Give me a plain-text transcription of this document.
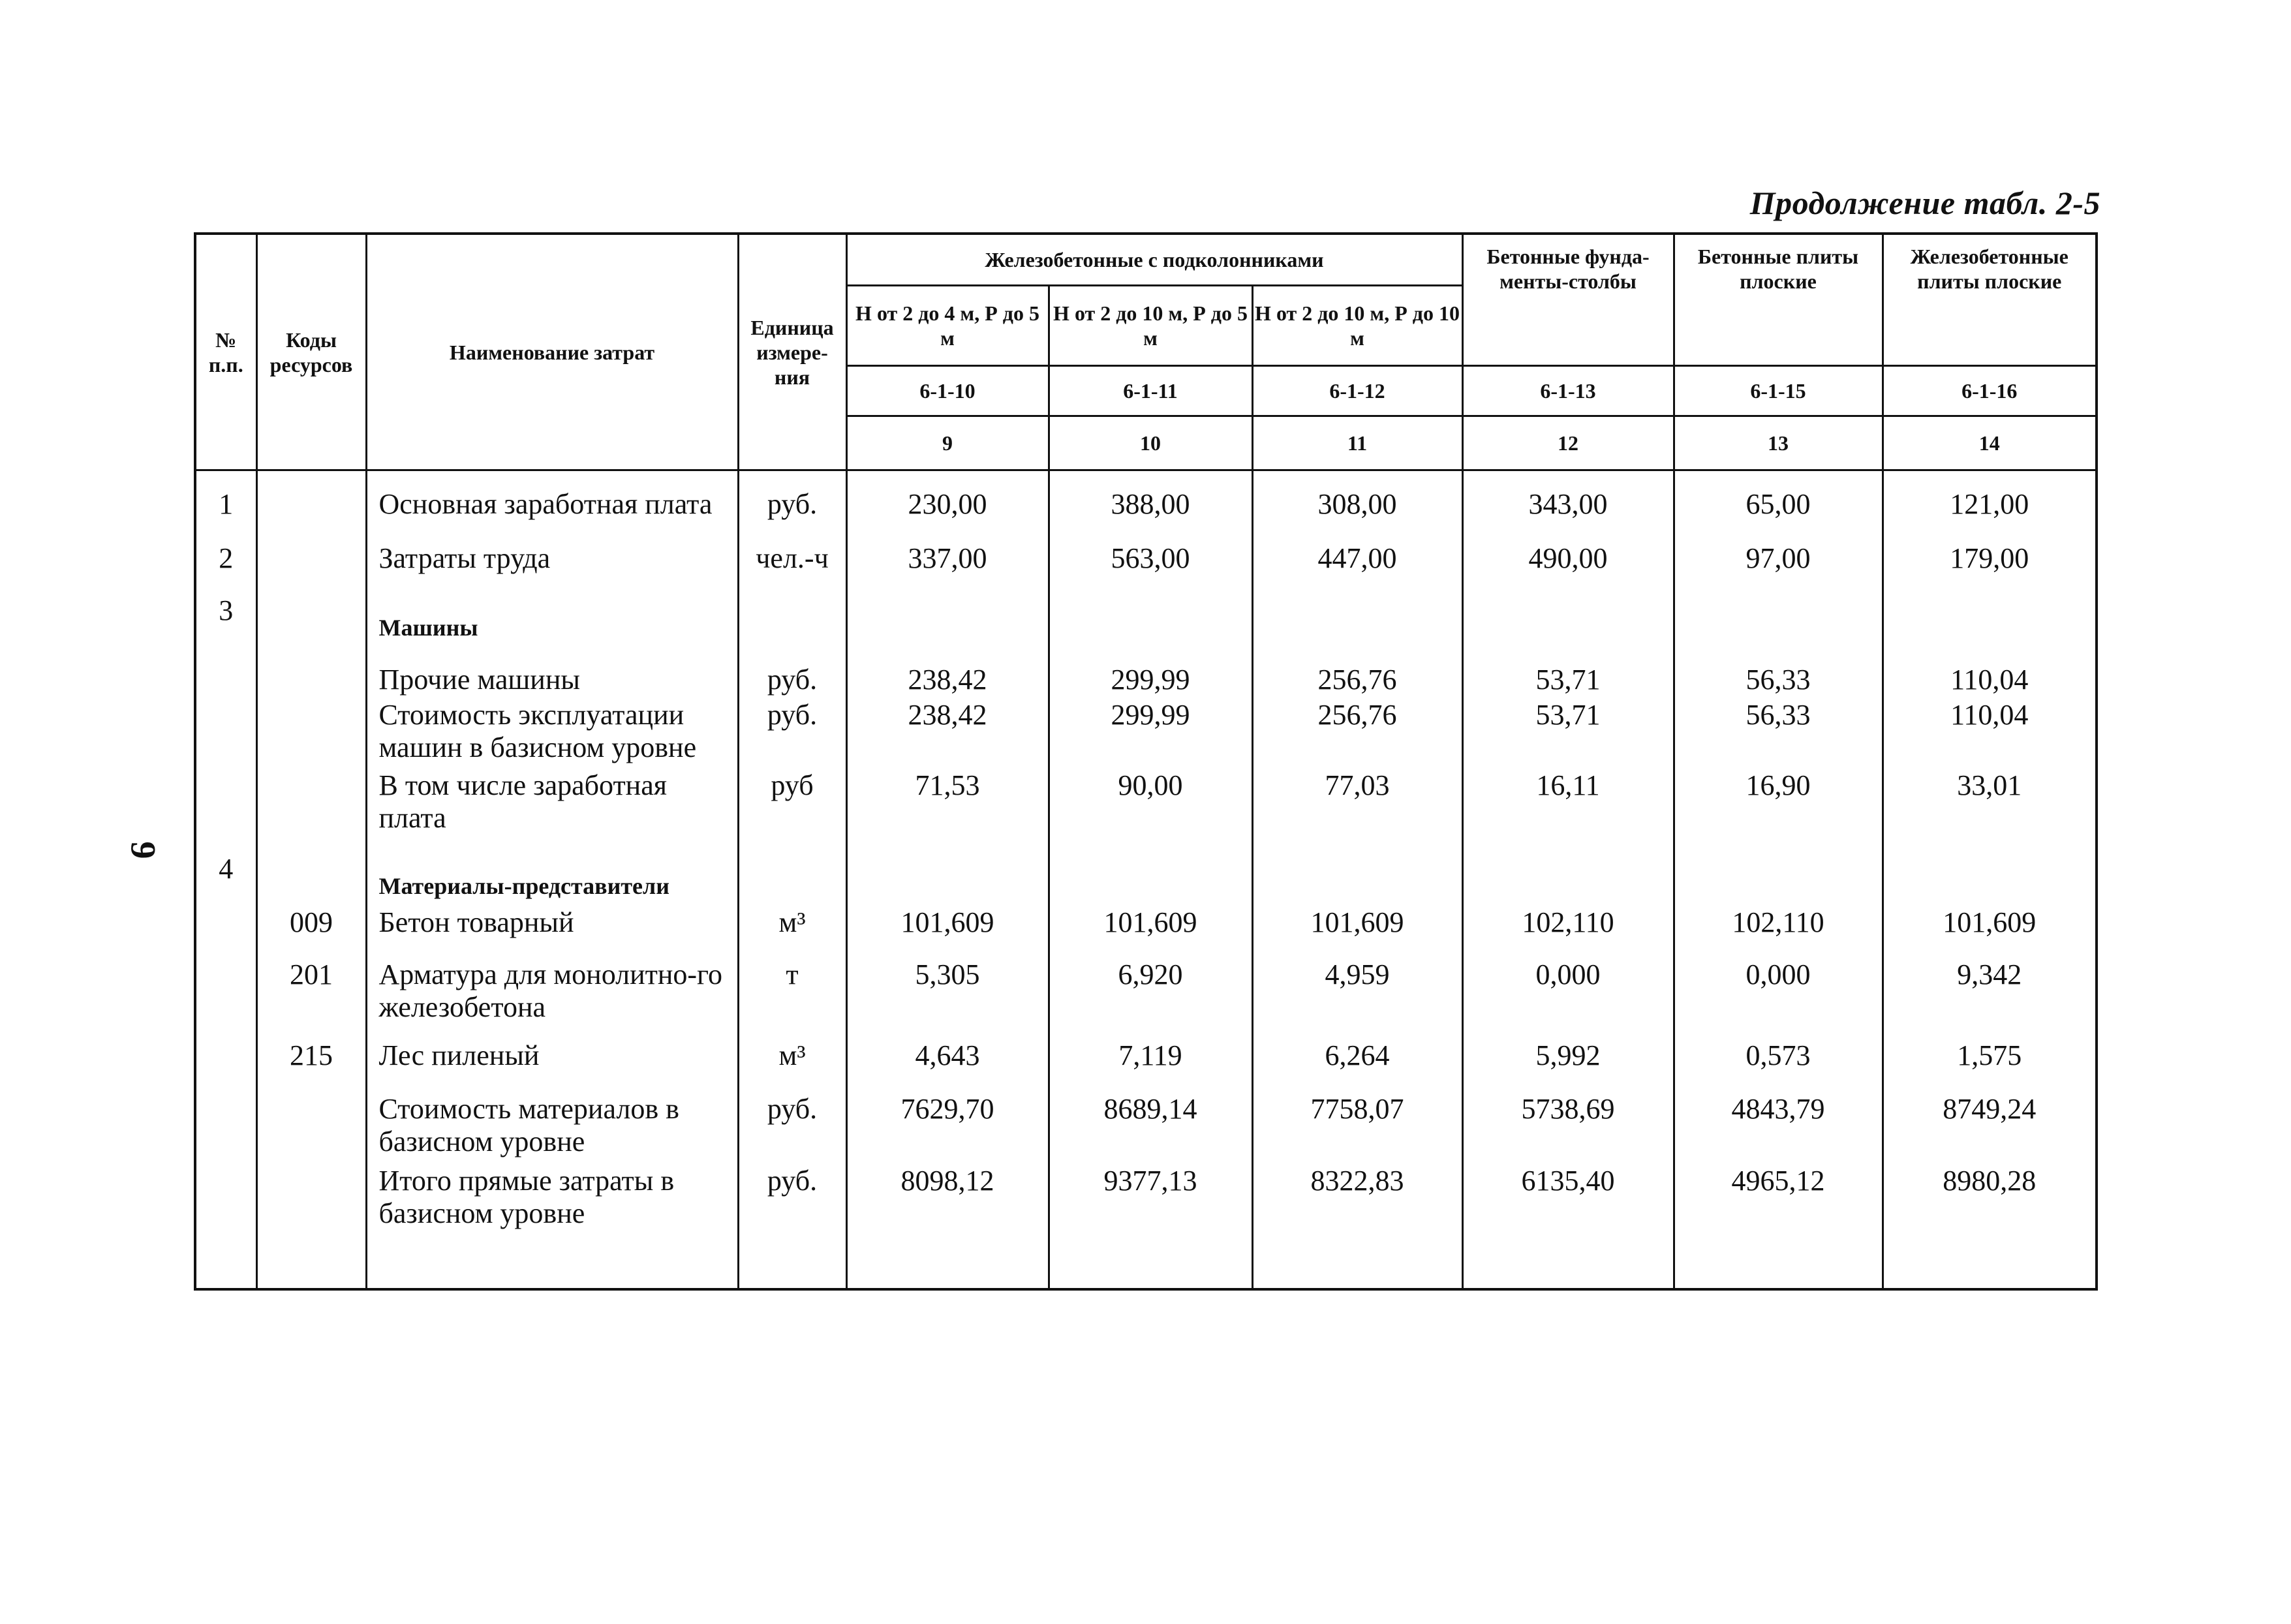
Продолжение табл. 2-5
9
№ п.п.	Коды ресурсов	Наименование затрат	Единица измере-ния	Железобетонные с подколонниками			Бетонные фунда-менты-столбы	Бетонные плиты плоские	Железобетонные плиты плоские
				Н от 2 до 4 м, Р до 5 м	Н от 2 до 10 м, Р до 5 м	Н от 2 до 10 м, Р до 10 м			
				6-1-10	6-1-11	6-1-12	6-1-13	6-1-15	6-1-16
				9	10	11	12	13	14
1		Основная заработная плата	руб.	230,00	388,00	308,00	343,00	65,00	121,00
2		Затраты труда	чел.-ч	337,00	563,00	447,00	490,00	97,00	179,00
3		Машины							
		Прочие машины	руб.	238,42	299,99	256,76	53,71	56,33	110,04
		Стоимость эксплуатации машин в базисном уровне	руб.	238,42	299,99	256,76	53,71	56,33	110,04
		В том числе заработная плата	руб	71,53	90,00	77,03	16,11	16,90	33,01
4		Материалы-представители							
	009	Бетон товарный	м³	101,609	101,609	101,609	102,110	102,110	101,609
	201	Арматура для монолитно-го железобетона	т	5,305	6,920	4,959	0,000	0,000	9,342
	215	Лес пиленый	м³	4,643	7,119	6,264	5,992	0,573	1,575
		Стоимость материалов в базисном уровне	руб.	7629,70	8689,14	7758,07	5738,69	4843,79	8749,24
		Итого прямые затраты в базисном уровне	руб.	8098,12	9377,13	8322,83	6135,40	4965,12	8980,28
